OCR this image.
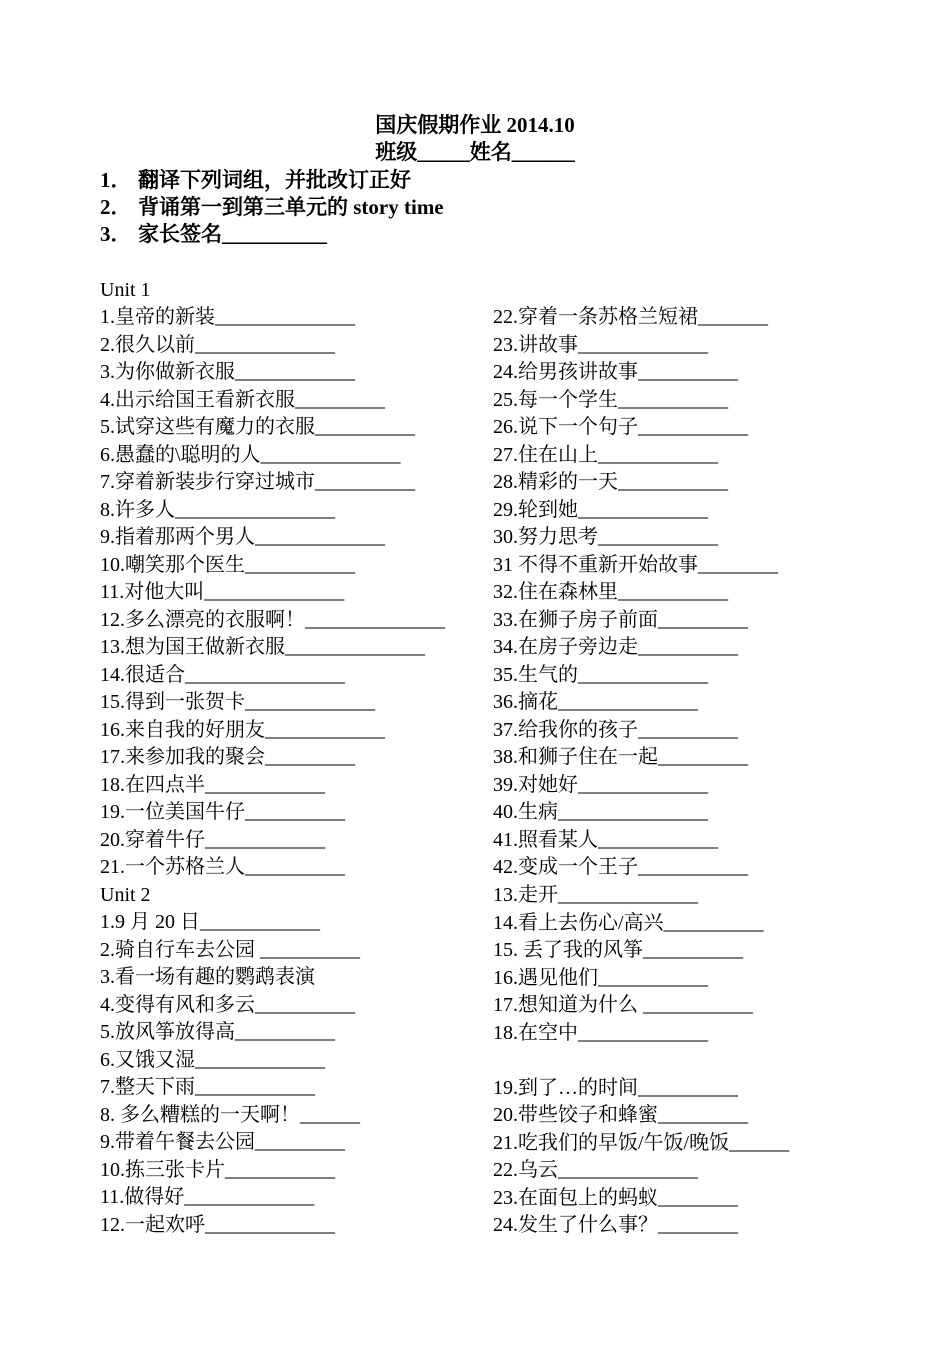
国庆假期作业 2014.10
班级_____姓名______
1． 翻译下列词组，并批改订正好
2． 背诵第一到第三单元的 story time
3． 家长签名__________
Unit 1
1.皇帝的新装______________
2.很久以前______________
3.为你做新衣服____________
4.出示给国王看新衣服_________
5.试穿这些有魔力的衣服__________
6.愚蠢的\聪明的人______________
7.穿着新装步行穿过城市__________
8.许多人________________
9.指着那两个男人_____________
10.嘲笑那个医生___________
11.对他大叫______________
12.多么漂亮的衣服啊！______________
13.想为国王做新衣服______________
14.很适合________________
15.得到一张贺卡_____________
16.来自我的好朋友____________
17.来参加我的聚会_________
18.在四点半____________
19.一位美国牛仔__________
20.穿着牛仔____________
21.一个苏格兰人__________
22.穿着一条苏格兰短裙_______
23.讲故事_____________
24.给男孩讲故事__________
25.每一个学生___________
26.说下一个句子___________
27.住在山上____________
28.精彩的一天___________
29.轮到她_____________
30.努力思考____________
31 不得不重新开始故事________
32.住在森林里___________
33.在狮子房子前面_________
34.在房子旁边走__________
35.生气的_____________
36.摘花______________
37.给我你的孩子__________
38.和狮子住在一起_________
39.对她好_____________
40.生病_______________
41.照看某人____________
42.变成一个王子___________
Unit 2
1.9 月 20 日____________
2.骑自行车去公园 __________
3.看一场有趣的鹦鹉表演
4.变得有风和多云__________
5.放风筝放得高__________
6.又饿又湿_____________
7.整天下雨____________
8. 多么糟糕的一天啊！______
9.带着午餐去公园_________
10.拣三张卡片___________
11.做得好_____________
12.一起欢呼_____________
13.走开______________
14.看上去伤心/高兴__________
15. 丢了我的风筝__________
16.遇见他们___________
17.想知道为什么 ___________
18.在空中_____________
19.到了…的时间__________
20.带些饺子和蜂蜜_________
21.吃我们的早饭/午饭/晚饭______
22.乌云______________
23.在面包上的蚂蚁________
24.发生了什么事？________
